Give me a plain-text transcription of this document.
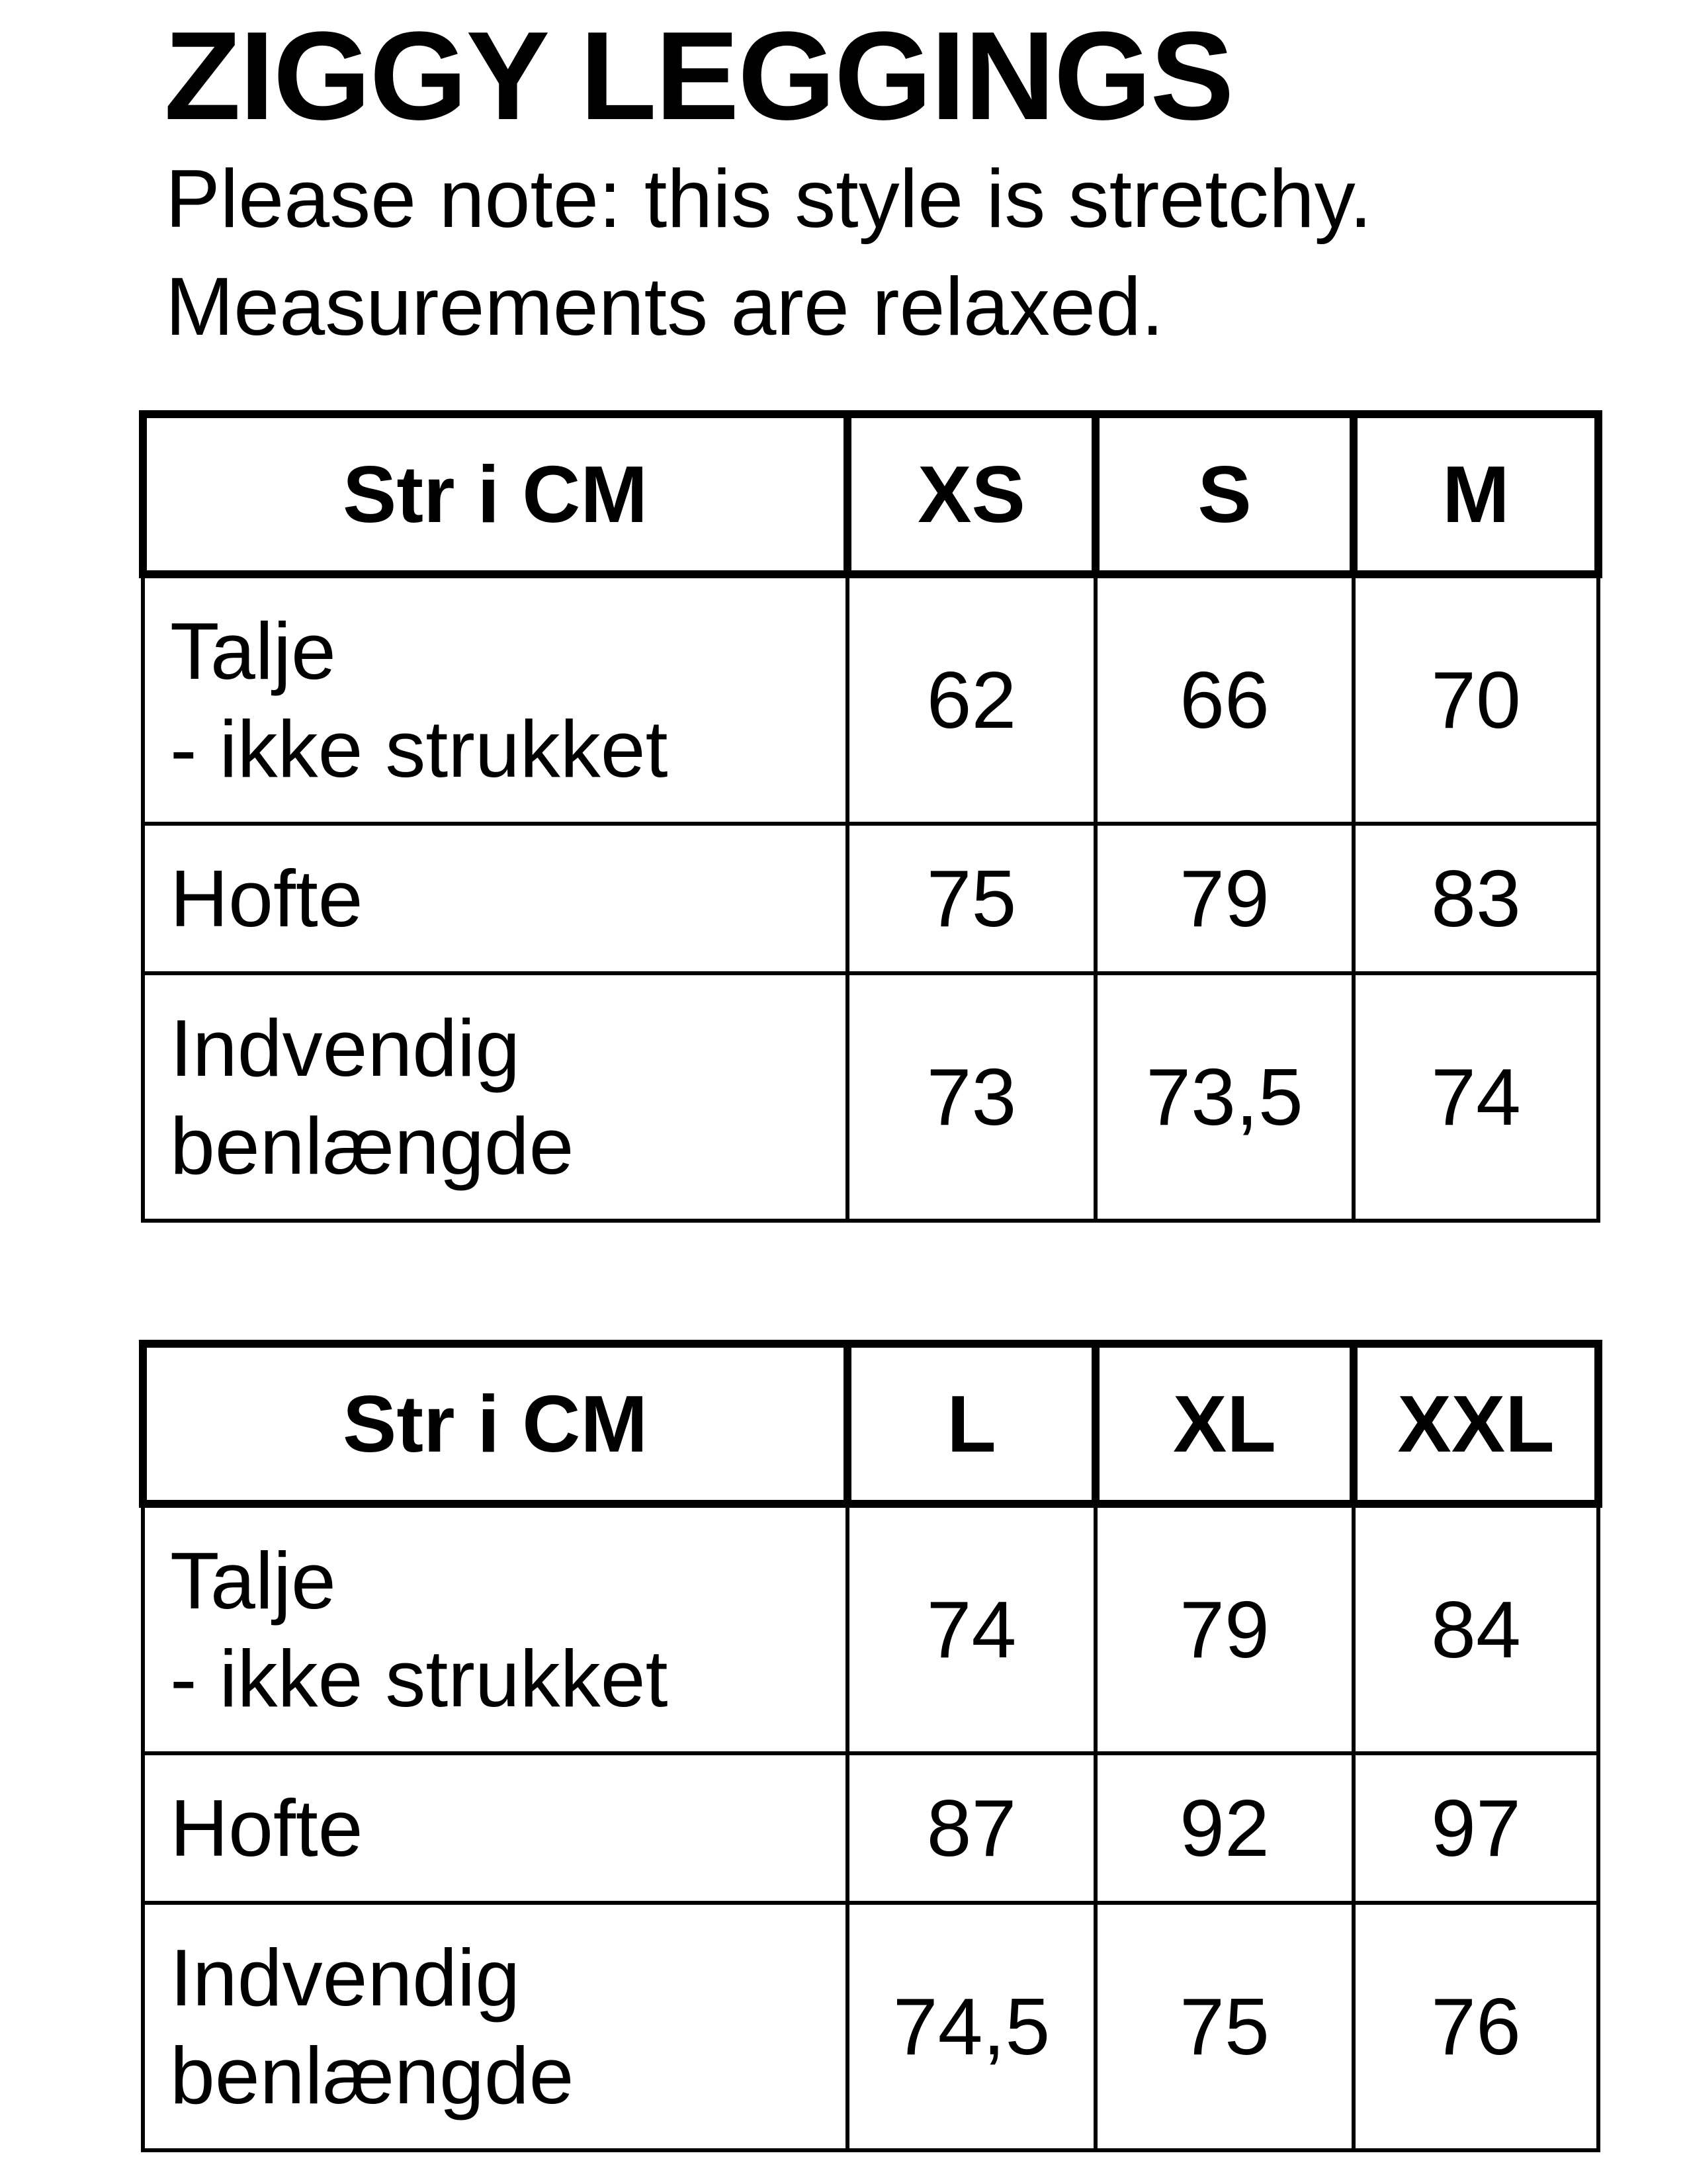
ZIGGY LEGGINGS

Please note: this style is stretchy.
Measurements are relaxed.

Str i CM	XS	S	M

Talje
- ikke strukket	62	66	70

Hofte	75	79	83

Indvendig
benlængde	73	73,5	74
Str i CM	L	XL	XXL

Talje
- ikke strukket	74	79	84

Hofte	87	92	97

Indvendig
benlængde	74,5	75	76
